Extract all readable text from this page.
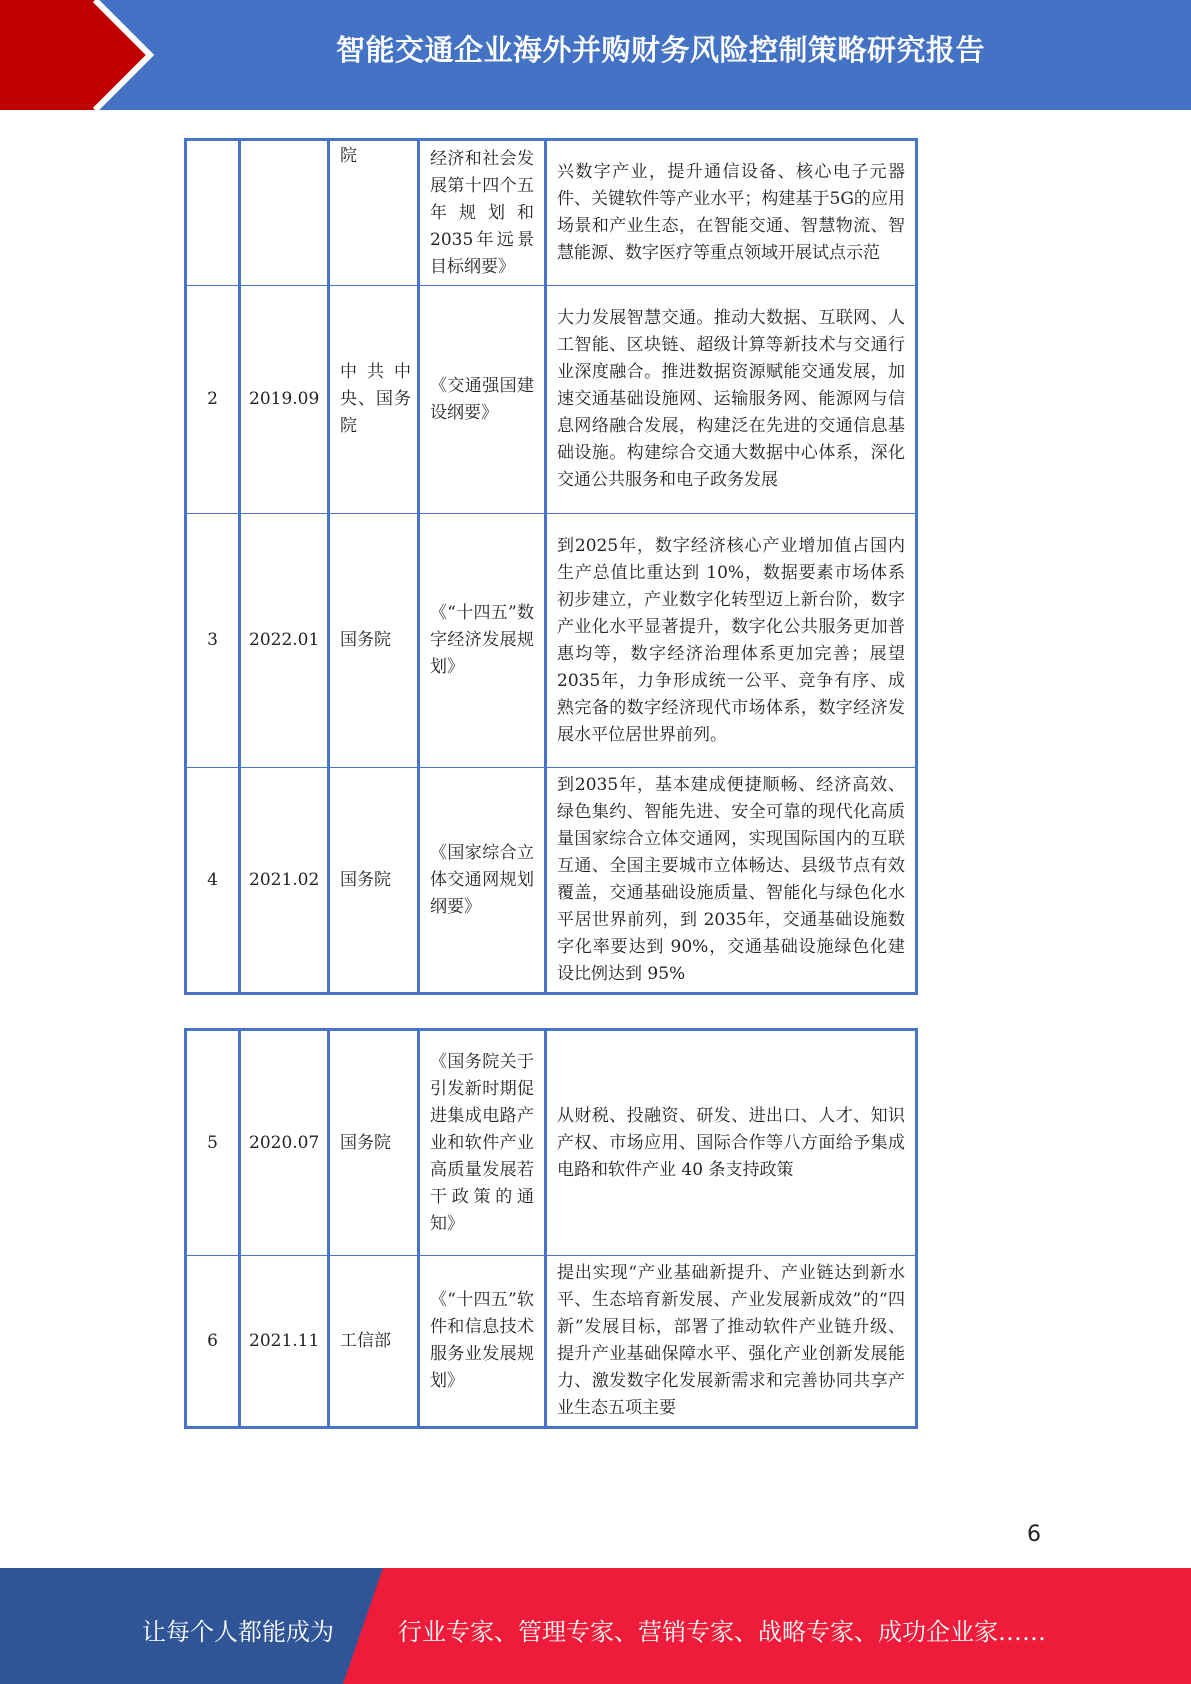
智能交通企业海外并购财务风险控制策略研究报告
		院	经济和社会发展第十四个五年规划和2035年远景目标纲要》	兴数字产业，提升通信设备、核心电子元器件、关键软件等产业水平；构建基于5G的应用场景和产业生态，在智能交通、智慧物流、智慧能源、数字医疗等重点领域开展试点示范
2	2019.09	中共中央、国务院	《交通强国建设纲要》	大力发展智慧交通。推动大数据、互联网、人工智能、区块链、超级计算等新技术与交通行业深度融合。推进数据资源赋能交通发展，加速交通基础设施网、运输服务网、能源网与信息网络融合发展，构建泛在先进的交通信息基础设施。构建综合交通大数据中心体系，深化交通公共服务和电子政务发展
3	2022.01	国务院	《“十四五”数字经济发展规划》	到2025年，数字经济核心产业增加值占国内生产总值比重达到 10%，数据要素市场体系初步建立，产业数字化转型迈上新台阶，数字产业化水平显著提升，数字化公共服务更加普惠均等，数字经济治理体系更加完善；展望2035年，力争形成统一公平、竞争有序、成熟完备的数字经济现代市场体系，数字经济发展水平位居世界前列。
4	2021.02	国务院	《国家综合立体交通网规划纲要》	到2035年，基本建成便捷顺畅、经济高效、绿色集约、智能先进、安全可靠的现代化高质量国家综合立体交通网，实现国际国内的互联互通、全国主要城市立体畅达、县级节点有效覆盖，交通基础设施质量、智能化与绿色化水平居世界前列，到 2035年，交通基础设施数字化率要达到 90%，交通基础设施绿色化建设比例达到 95%
5	2020.07	国务院	《国务院关于引发新时期促进集成电路产业和软件产业高质量发展若干政策的通知》	从财税、投融资、研发、进出口、人才、知识产权、市场应用、国际合作等八方面给予集成电路和软件产业 40 条支持政策
6	2021.11	工信部	《“十四五”软件和信息技术服务业发展规划》	提出实现“产业基础新提升、产业链达到新水平、生态培育新发展、产业发展新成效”的“四新”发展目标，部署了推动软件产业链升级、提升产业基础保障水平、强化产业创新发展能力、激发数字化发展新需求和完善协同共享产业生态五项主要
6
让每个人都能成为	行业专家、管理专家、营销专家、战略专家、成功企业家……
